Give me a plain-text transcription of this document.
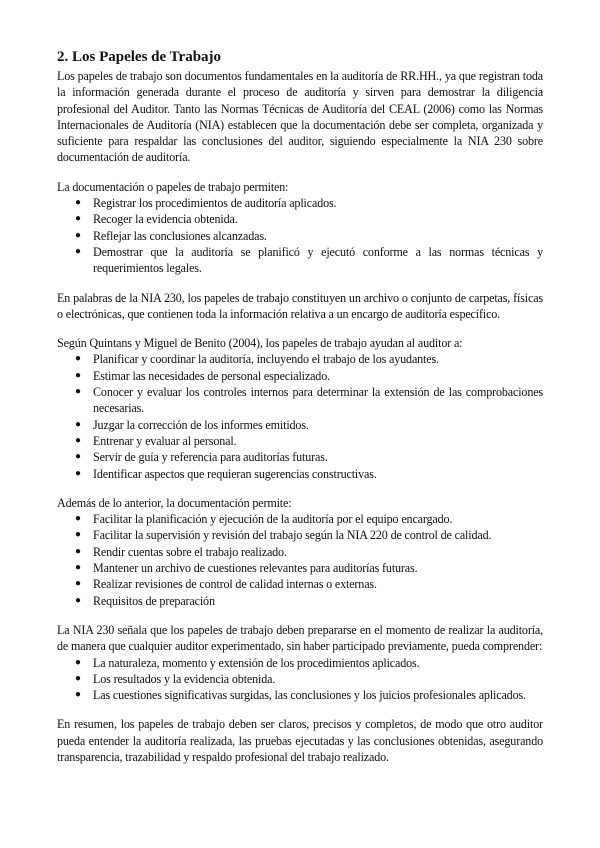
2. Los Papeles de Trabajo

Los papeles de trabajo son documentos fundamentales en la auditoría de RR.HH., ya que registran toda la información generada durante el proceso de auditoría y sirven para demostrar la diligencia profesional del Auditor. Tanto las Normas Técnicas de Auditoría del CEAL (2006) como las Normas Internacionales de Auditoría (NIA) establecen que la documentación debe ser completa, organizada y suficiente para respaldar las conclusiones del auditor, siguiendo especialmente la NIA 230 sobre documentación de auditoría.

La documentación o papeles de trabajo permiten:

● Registrar los procedimientos de auditoría aplicados.
● Recoger la evidencia obtenida.
● Reflejar las conclusiones alcanzadas.
● Demostrar que la auditoría se planificó y ejecutó conforme a las normas técnicas y requerimientos legales.

En palabras de la NIA 230, los papeles de trabajo constituyen un archivo o conjunto de carpetas, físicas o electrónicas, que contienen toda la información relativa a un encargo de auditoría específico.

Según Quintans y Miguel de Benito (2004), los papeles de trabajo ayudan al auditor a:

● Planificar y coordinar la auditoría, incluyendo el trabajo de los ayudantes.
● Estimar las necesidades de personal especializado.
● Conocer y evaluar los controles internos para determinar la extensión de las comprobaciones necesarias.
● Juzgar la corrección de los informes emitidos.
● Entrenar y evaluar al personal.
● Servir de guía y referencia para auditorías futuras.
● Identificar aspectos que requieran sugerencias constructivas.

Además de lo anterior, la documentación permite:

● Facilitar la planificación y ejecución de la auditoría por el equipo encargado.
● Facilitar la supervisión y revisión del trabajo según la NIA 220 de control de calidad.
● Rendir cuentas sobre el trabajo realizado.
● Mantener un archivo de cuestiones relevantes para auditorías futuras.
● Realizar revisiones de control de calidad internas o externas.
● Requisitos de preparación

La NIA 230 señala que los papeles de trabajo deben prepararse en el momento de realizar la auditoría, de manera que cualquier auditor experimentado, sin haber participado previamente, pueda comprender:

● La naturaleza, momento y extensión de los procedimientos aplicados.
● Los resultados y la evidencia obtenida.
● Las cuestiones significativas surgidas, las conclusiones y los juicios profesionales aplicados.

En resumen, los papeles de trabajo deben ser claros, precisos y completos, de modo que otro auditor pueda entender la auditoría realizada, las pruebas ejecutadas y las conclusiones obtenidas, asegurando transparencia, trazabilidad y respaldo profesional del trabajo realizado.
